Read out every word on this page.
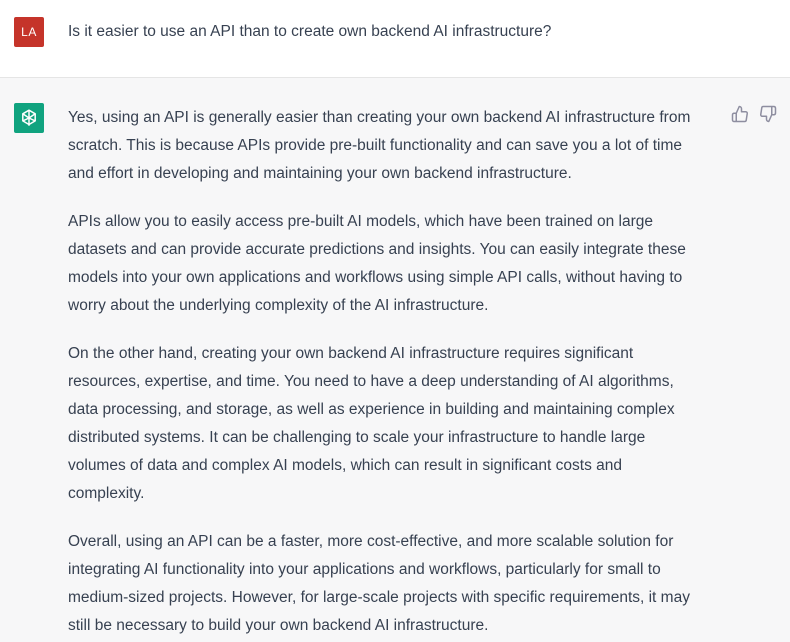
LA	Is it easier to use an API than to create own backend AI infrastructure?

Yes, using an API is generally easier than creating your own backend AI infrastructure from
scratch. This is because APIs provide pre-built functionality and can save you a lot of time
and effort in developing and maintaining your own backend infrastructure.

APIs allow you to easily access pre-built AI models, which have been trained on large
datasets and can provide accurate predictions and insights. You can easily integrate these
models into your own applications and workflows using simple API calls, without having to
worry about the underlying complexity of the AI infrastructure.

On the other hand, creating your own backend AI infrastructure requires significant
resources, expertise, and time. You need to have a deep understanding of AI algorithms,
data processing, and storage, as well as experience in building and maintaining complex
distributed systems. It can be challenging to scale your infrastructure to handle large
volumes of data and complex AI models, which can result in significant costs and
complexity.

Overall, using an API can be a faster, more cost-effective, and more scalable solution for
integrating AI functionality into your applications and workflows, particularly for small to
medium-sized projects. However, for large-scale projects with specific requirements, it may
still be necessary to build your own backend AI infrastructure.
